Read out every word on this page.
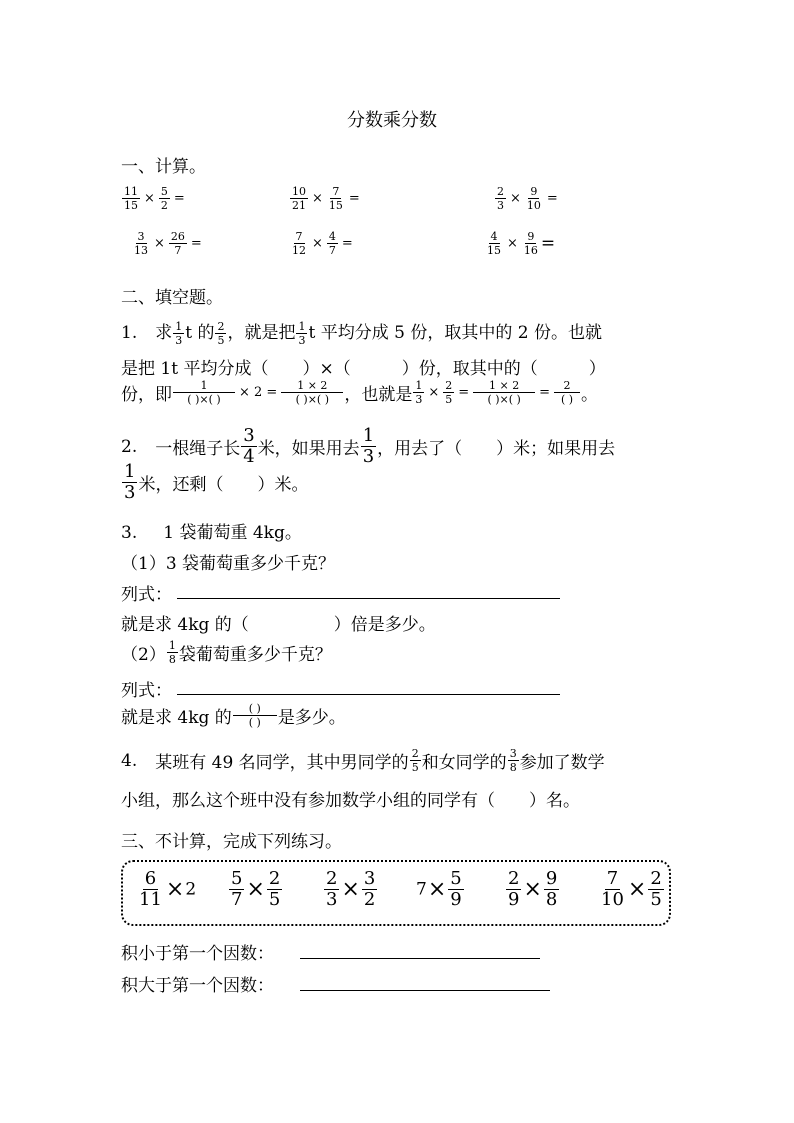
分数乘分数
一、计算。
$\frac{11}{15} \times \frac{5}{2}$ =	$\frac{10}{21} \times \frac{7}{15}$ =	$\frac{2}{3} \times \frac{9}{10}$ =
$\frac{3}{13} \times \frac{26}{7}$ =	$\frac{7}{12} \times \frac{4}{7}$ =	$\frac{4}{15} \times \frac{9}{16}$ =
二、填空题。
1. 求 $\frac{1}{3}$ t 的 $\frac{2}{5}$ ，就是把 $\frac{1}{3}$ t 平均分成 5 份，取其中的 2 份。也就
是把 1t 平均分成（　　）×（　　　）份，取其中的（　　　）
份，即 $\frac{1}{( )\times( )} \times 2 = \frac{1 \times 2}{( )\times( )}$ ，也就是 $\frac{1}{3} \times \frac{2}{5} = \frac{1 \times 2}{( )\times( )} = \frac{2}{( )}$ 。
2. 一根绳子长 $\frac{3}{4}$ 米，如果用去 $\frac{1}{3}$ ，用去了（　　）米；如果用去
$\frac{1}{3}$ 米，还剩（　　）米。
3. 1 袋葡萄重 4kg。
（1）3 袋葡萄重多少千克？
列式：
就是求 4kg 的（　　　　　）倍是多少。
$(2) \frac{1}{8}$ 袋葡萄重多少千克？
列式：
就是求 4kg 的 $\frac{( )}{( )}$ 是多少。
4. 某班有 49 名同学，其中男同学的 $\frac{2}{5}$ 和女同学的 $\frac{3}{8}$ 参加了数学
小组，那么这个班中没有参加数学小组的同学有（　　）名。
三、不计算，完成下列练习。
$\frac{6}{11} \times 2 \frac{5}{7} \times \frac{2}{5} \frac{2}{3} \times \frac{3}{2} 7\times \frac{5}{9} \frac{2}{9} \times \frac{9}{8} \frac{7}{10} \times \frac{2}{5}$
积小于第一个因数：
积大于第一个因数：
